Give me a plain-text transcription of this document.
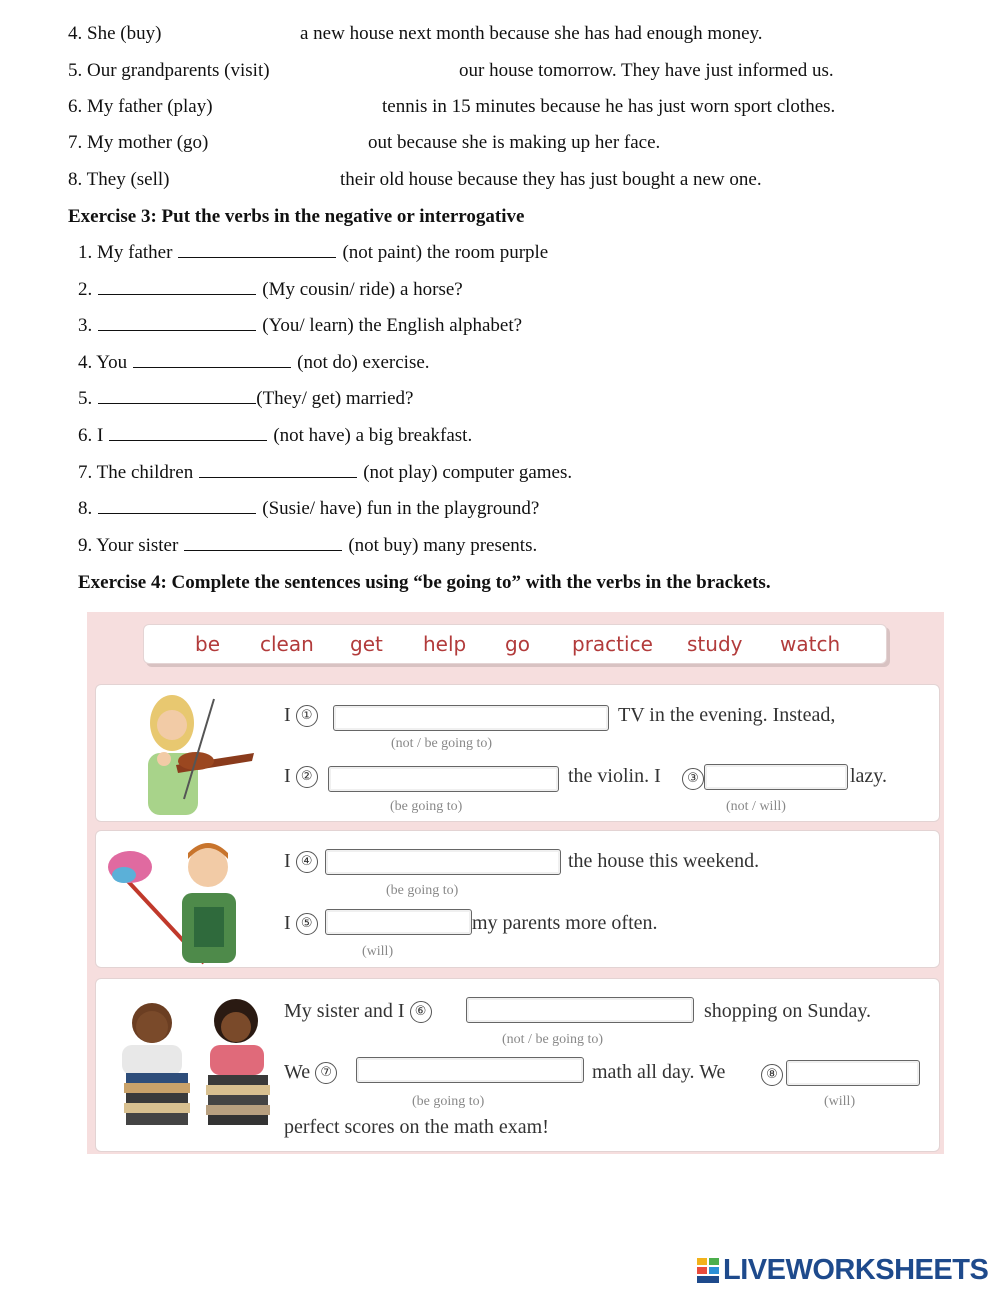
4. She (buy)	a new house next month because she has had enough money.
5. Our grandparents (visit)	our house tomorrow. They have just informed us.
6. My father (play)	tennis in 15 minutes because he has just worn sport clothes.
7. My mother (go)	out because she is making up her face.
8. They (sell)	their old house because they has just bought a new one.
Exercise 3: Put the verbs in the negative or interrogative
1. My father	(not paint) the room purple
2.	(My cousin/ ride) a horse?
3.	(You/ learn) the English alphabet?
4. You	(not do) exercise.
5.	(They/ get) married?
6. I	(not have) a big breakfast.
7. The children	(not play) computer games.
8.	(Susie/ have) fun in the playground?
9. Your sister	(not buy) many presents.
Exercise 4: Complete the sentences using “be going to” with the verbs in the brackets.
be clean get help go practice study watch
I ①	TV in the evening. Instead,
(not / be going to)
I ②	the violin. I	③	lazy.
(be going to)	(not / will)
I ④	the house this weekend.
(be going to)
I ⑤	my parents more often.
(will)
My sister and I ⑥	shopping on Sunday.
(not / be going to)
We ⑦	math all day. We	⑧
(be going to)	(will)
perfect scores on the math exam!
LIVEWORKSHEETS
